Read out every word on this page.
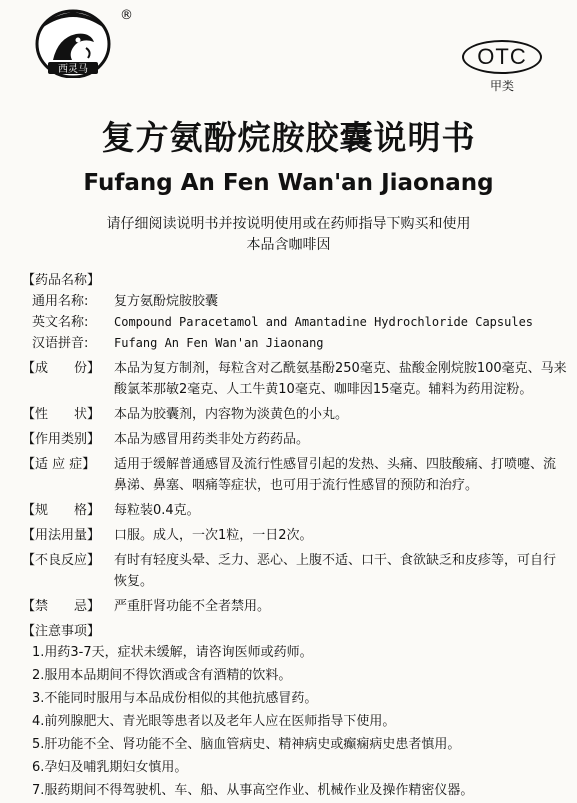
西灵马
®
OTC
甲类
复方氨酚烷胺胶囊说明书
Fufang An Fen Wan'an Jiaonang
请仔细阅读说明书并按说明使用或在药师指导下购买和使用
本品含咖啡因
【药品名称】
通用名称:	复方氨酚烷胺胶囊
英文名称:	Compound Paracetamol and Amantadine Hydrochloride Capsules
汉语拼音:	Fufang An Fen Wan'an Jiaonang
【成　　份】	本品为复方制剂，每粒含对乙酰氨基酚250毫克、盐酸金刚烷胺100毫克、马来酸氯苯那敏2毫克、人工牛黄10毫克、咖啡因15毫克。辅料为药用淀粉。
【性　　状】	本品为胶囊剂，内容物为淡黄色的小丸。
【作用类别】	本品为感冒用药类非处方药药品。
【适 应 症】	适用于缓解普通感冒及流行性感冒引起的发热、头痛、四肢酸痛、打喷嚏、流鼻涕、鼻塞、咽痛等症状，也可用于流行性感冒的预防和治疗。
【规　　格】	每粒装0.4克。
【用法用量】	口服。成人，一次1粒，一日2次。
【不良反应】	有时有轻度头晕、乏力、恶心、上腹不适、口干、食欲缺乏和皮疹等，可自行恢复。
【禁　　忌】	严重肝肾功能不全者禁用。
【注意事项】
1.用药3-7天，症状未缓解，请咨询医师或药师。
2.服用本品期间不得饮酒或含有酒精的饮料。
3.不能同时服用与本品成份相似的其他抗感冒药。
4.前列腺肥大、青光眼等患者以及老年人应在医师指导下使用。
5.肝功能不全、肾功能不全、脑血管病史、精神病史或癫痫病史患者慎用。
6.孕妇及哺乳期妇女慎用。
7.服药期间不得驾驶机、车、船、从事高空作业、机械作业及操作精密仪器。
